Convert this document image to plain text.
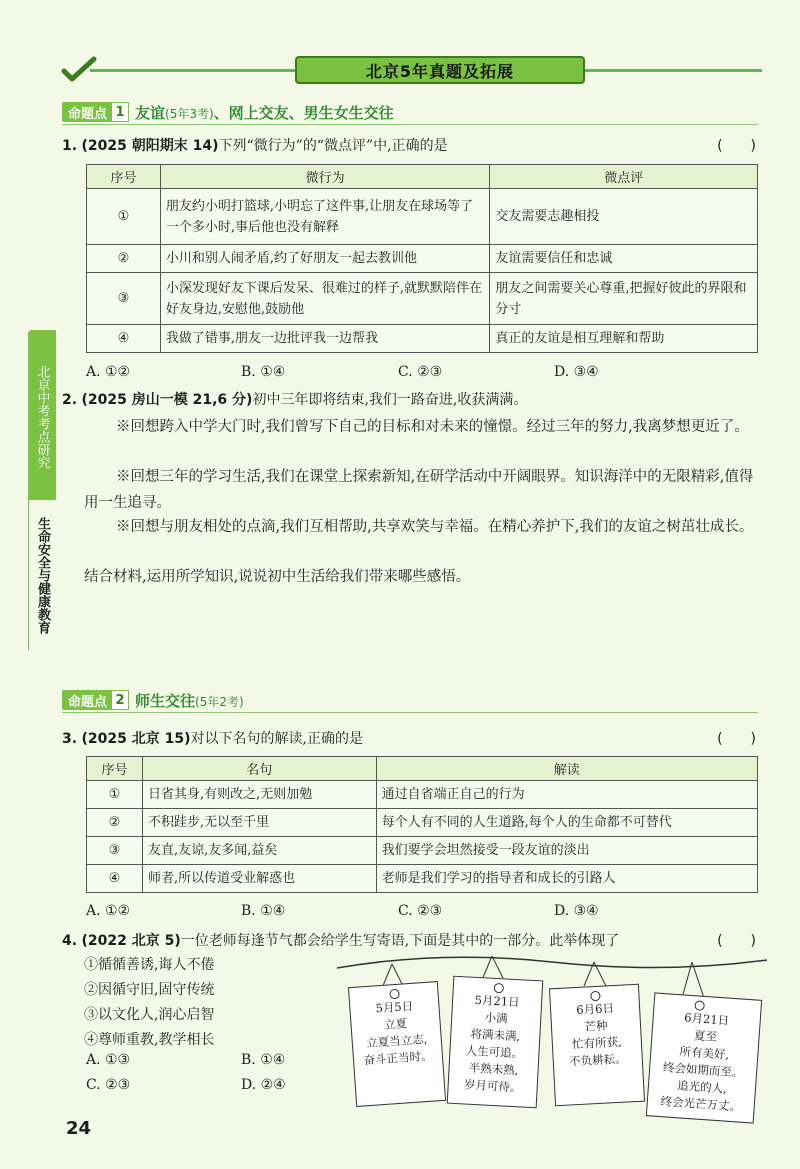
北京5年真题及拓展
北京中考考点研究
生命安全与健康教育
命题点 1 友谊(5年3考)、网上交友、男生女生交往
1. (2025 朝阳期末 14)下列“微行为”的“微点评”中,正确的是	(　　)
序号	微行为	微点评
①	朋友约小明打篮球,小明忘了这件事,让朋友在球场等了一个多小时,事后他也没有解释	交友需要志趣相投
②	小川和别人闹矛盾,约了好朋友一起去教训他	友谊需要信任和忠诚
③	小深发现好友下课后发呆、很难过的样子,就默默陪伴在好友身边,安慰他,鼓励他	朋友之间需要关心尊重,把握好彼此的界限和分寸
④	我做了错事,朋友一边批评我一边帮我	真正的友谊是相互理解和帮助
A. ①②	B. ①④	C. ②③	D. ③④
2. (2025 房山一模 21,6 分)初中三年即将结束,我们一路奋进,收获满满。
※回想跨入中学大门时,我们曾写下自己的目标和对未来的憧憬。经过三年的努力,我离梦想更近了。
※回想三年的学习生活,我们在课堂上探索新知,在研学活动中开阔眼界。知识海洋中的无限精彩,值得用一生追寻。
※回想与朋友相处的点滴,我们互相帮助,共享欢笑与幸福。在精心养护下,我们的友谊之树茁壮成长。
结合材料,运用所学知识,说说初中生活给我们带来哪些感悟。
命题点 2 师生交往(5年2考)
3. (2025 北京 15)对以下名句的解读,正确的是	(　　)
序号	名句	解读
①	日省其身,有则改之,无则加勉	通过自省端正自己的行为
②	不积跬步,无以至千里	每个人有不同的人生道路,每个人的生命都不可替代
③	友直,友谅,友多闻,益矣	我们要学会坦然接受一段友谊的淡出
④	师者,所以传道受业解惑也	老师是我们学习的指导者和成长的引路人
A. ①②	B. ①④	C. ②③	D. ③④
4. (2022 北京 5)一位老师每逢节气都会给学生写寄语,下面是其中的一部分。此举体现了	(　　)
①循循善诱,诲人不倦
②因循守旧,固守传统
③以文化人,润心启智
④尊师重教,教学相长
A. ①③	B. ①④
C. ②③	D. ②④
5月5日
立夏
立夏当立志,
奋斗正当时。
5月21日
小满
将满未满,
人生可追。
半熟未熟,
岁月可待。
6月6日
芒种
忙有所获,
不负耕耘。
6月21日
夏至
所有美好,
终会如期而至。
追光的人,
终会光芒万丈。
24
